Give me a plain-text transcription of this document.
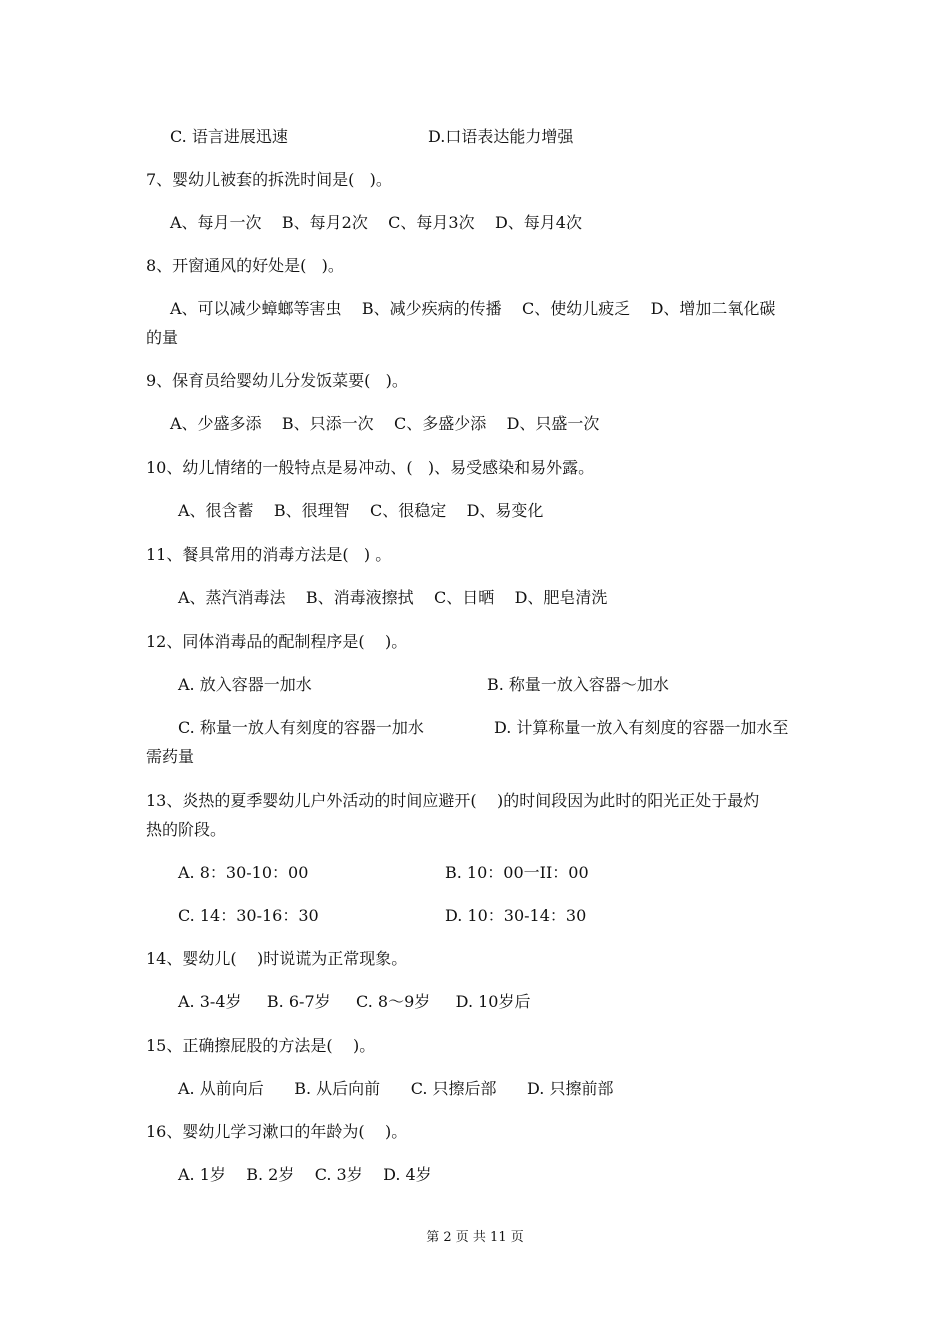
C. 语言进展迅速	D.口语表达能力增强
7、婴幼儿被套的拆洗时间是(   )。
A、每月一次    B、每月2次    C、每月3次    D、每月4次
8、开窗通风的好处是(   )。
A、可以减少蟑螂等害虫    B、减少疾病的传播    C、使幼儿疲乏    D、增加二氧化碳
的量
9、保育员给婴幼儿分发饭菜要(   )。
A、少盛多添    B、只添一次    C、多盛少添    D、只盛一次
10、幼儿情绪的一般特点是易冲动、(   )、易受感染和易外露。
A、很含蓄    B、很理智    C、很稳定    D、易变化
11、餐具常用的消毒方法是(   ) 。
A、蒸汽消毒法    B、消毒液擦拭    C、日晒    D、肥皂清洗
12、同体消毒品的配制程序是(    )。
A. 放入容器一加水	B. 称量一放入容器～加水
C. 称量一放人有刻度的容器一加水	D. 计算称量一放入有刻度的容器一加水至
需药量
13、炎热的夏季婴幼儿户外活动的时间应避开(    )的时间段因为此时的阳光正处于最灼
热的阶段。
A. 8：30-10：00	B. 10：00一II：00
C. 14：30-16：30	D. 10：30-14：30
14、婴幼儿(    )时说谎为正常现象。
A. 3-4岁     B. 6-7岁     C. 8～9岁     D. 10岁后
15、正确擦屁股的方法是(    )。
A. 从前向后      B. 从后向前      C. 只擦后部      D. 只擦前部
16、婴幼儿学习漱口的年龄为(    )。
A. 1岁    B. 2岁    C. 3岁    D. 4岁
第 2 页 共 11 页
